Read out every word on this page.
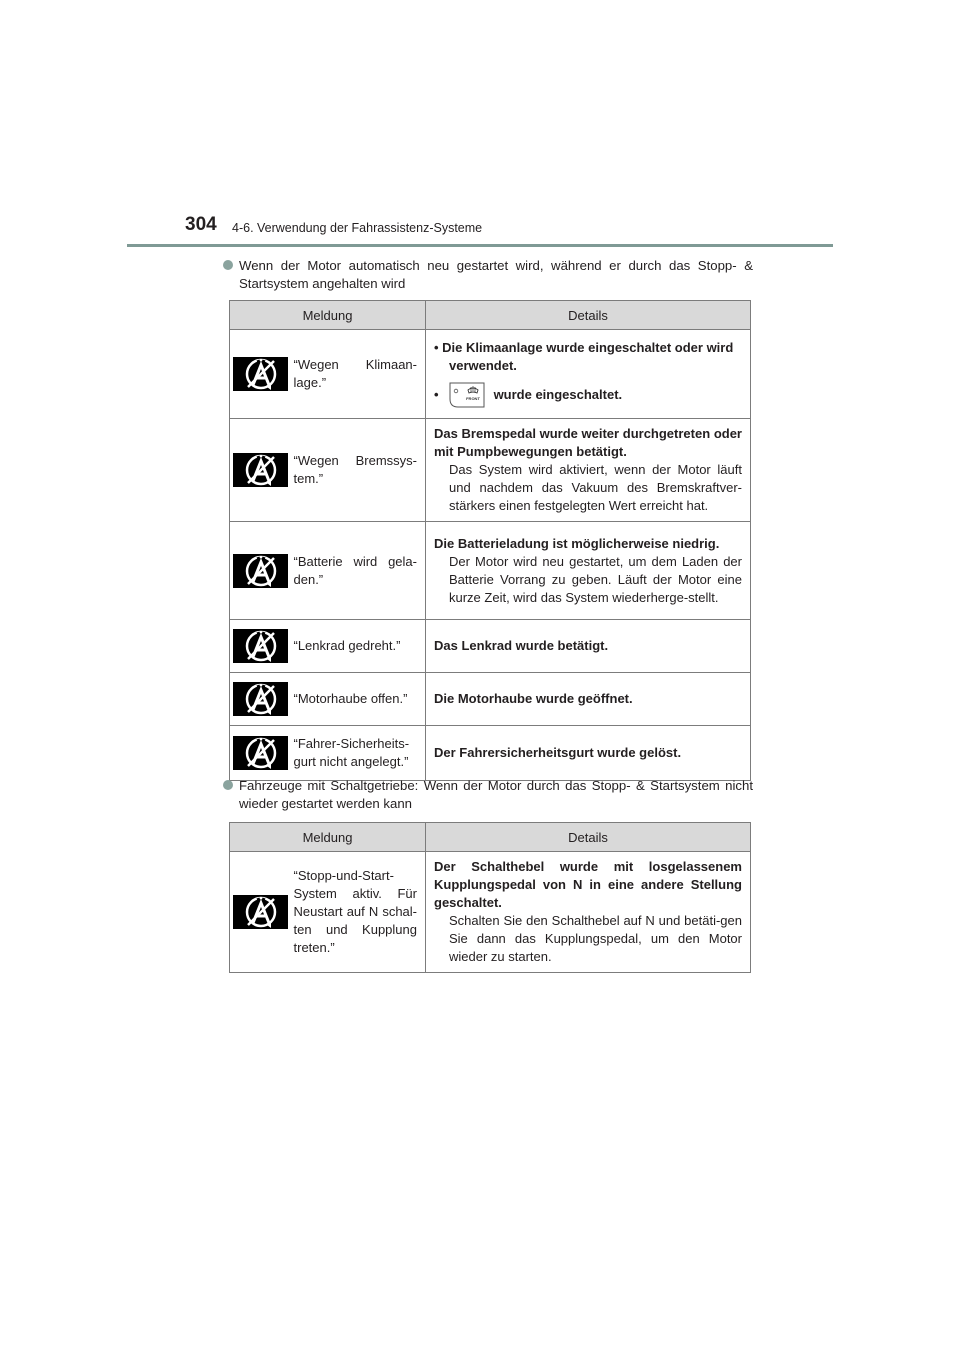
304 4-6. Verwendung der Fahrassistenz-Systeme
Wenn der Motor automatisch neu gestartet wird, während er durch das Stopp- & Startsystem angehalten wird
Meldung		Details

	“Wegen Klimaan-lage.”	• Die Klimaanlage wurde eingeschaltet oder wird verwendet.
• FRONT wurde eingeschaltet.

	“Wegen Bremssys-tem.”	Das Bremspedal wurde weiter durchgetreten oder mit Pumpbewegungen betätigt.
Das System wird aktiviert, wenn der Motor läuft und nachdem das Vakuum des Bremskraftver-stärkers einen festgelegten Wert erreicht hat.

	“Batterie wird gela-den.”	Die Batterieladung ist möglicherweise niedrig.
Der Motor wird neu gestartet, um dem Laden der Batterie Vorrang zu geben. Läuft der Motor eine kurze Zeit, wird das System wiederherge-stellt.

	“Lenkrad gedreht.”	Das Lenkrad wurde betätigt.

	“Motorhaube offen.”	Die Motorhaube wurde geöffnet.

	“Fahrer-Sicherheits-gurt nicht angelegt.”	Der Fahrersicherheitsgurt wurde gelöst.
Fahrzeuge mit Schaltgetriebe: Wenn der Motor durch das Stopp- & Startsystem nicht wieder gestartet werden kann
Meldung		Details

	“Stopp-und-Start-System aktiv. Für Neustart auf N schal-ten und Kupplung treten.”	Der Schalthebel wurde mit losgelassenem Kupplungspedal von N in eine andere Stellung geschaltet.
Schalten Sie den Schalthebel auf N und betäti-gen Sie dann das Kupplungspedal, um den Motor wieder zu starten.
